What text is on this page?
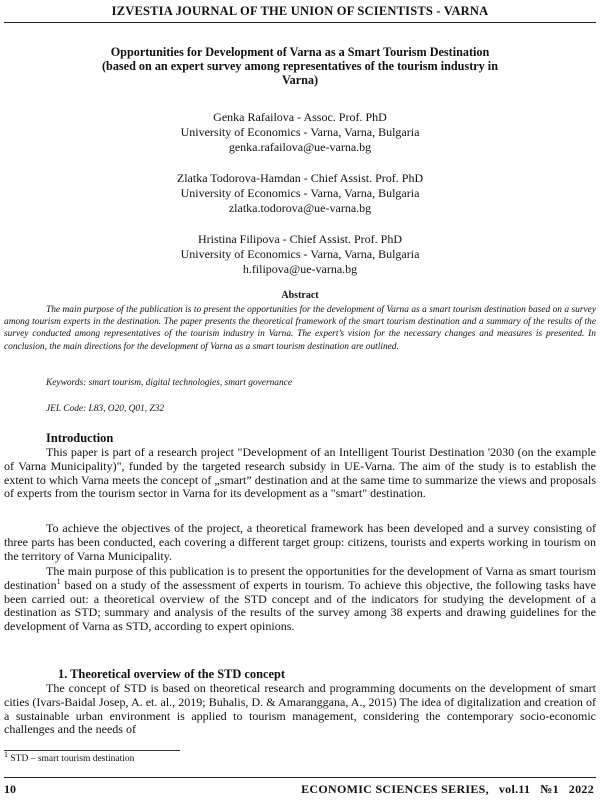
IZVESTIA JOURNAL OF THE UNION OF SCIENTISTS - VARNA
Opportunities for Development of Varna as a Smart Tourism Destination
(based on an expert survey among representatives of the tourism industry in
Varna)
Genka Rafailova - Assoc. Prof. PhD
University of Economics - Varna, Varna, Bulgaria
genka.rafailova@ue-varna.bg
Zlatka Todorova-Hamdan - Chief Assist. Prof. PhD
University of Economics - Varna, Varna, Bulgaria
zlatka.todorova@ue-varna.bg
Hristina Filipova - Chief Assist. Prof. PhD
University of Economics - Varna, Varna, Bulgaria
h.filipova@ue-varna.bg
Abstract
The main purpose of the publication is to present the opportunities for the development of Varna as a smart tourism destination based on a survey among tourism experts in the destination. The paper presents the theoretical framework of the smart tourism destination and a summary of the results of the survey conducted among representatives of the tourism industry in Varna. The expert’s vision for the necessary changes and measures is presented. In conclusion, the main directions for the development of Varna as a smart tourism destination are outlined.
Keywords: smart tourism, digital technologies, smart governance
JEL Code: L83, O20, Q01, Z32
Introduction
This paper is part of a research project "Development of an Intelligent Tourist Destination '2030 (on the example of Varna Municipality)", funded by the targeted research subsidy in UE-Varna. The aim of the study is to establish the extent to which Varna meets the concept of „smart” destination and at the same time to summarize the views and proposals of experts from the tourism sector in Varna for its development as a "smart" destination.
To achieve the objectives of the project, a theoretical framework has been developed and a survey consisting of three parts has been conducted, each covering a different target group: citizens, tourists and experts working in tourism on the territory of Varna Municipality.
The main purpose of this publication is to present the opportunities for the development of Varna as smart tourism destination$^1$ based on a study of the assessment of experts in tourism. To achieve this objective, the following tasks have been carried out: a theoretical overview of the STD concept and of the indicators for studying the development of a destination as STD; summary and analysis of the results of the survey among 38 experts and drawing guidelines for the development of Varna as STD, according to expert opinions.
1. Theoretical overview of the STD concept
The concept of STD is based on theoretical research and programming documents on the development of smart cities (Ivars-Baidal Josep, A. et. al., 2019; Buhalis, D. & Amaranggana, A., 2015) The idea of digitalization and creation of a sustainable urban environment is applied to tourism management, considering the contemporary socio-economic challenges and the needs of
$^1$ STD – smart tourism destination
10	ECONOMIC SCIENCES SERIES,   vol.11   №1   2022
